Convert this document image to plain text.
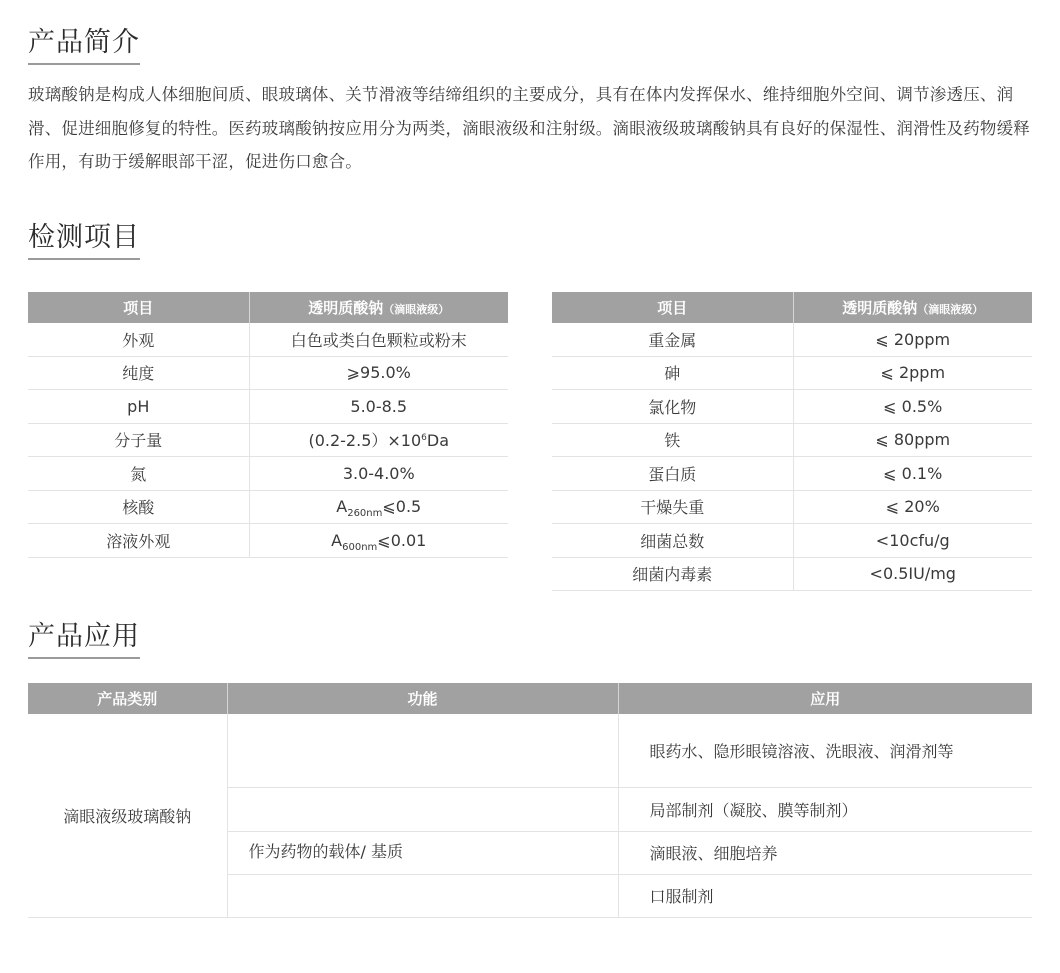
产品简介

玻璃酸钠是构成人体细胞间质、眼玻璃体、关节滑液等结缔组织的主要成分，具有在体内发挥保水、维持细胞外空间、调节渗透压、润滑、促进细胞修复的特性。医药玻璃酸钠按应用分为两类，滴眼液级和注射级。滴眼液级玻璃酸钠具有良好的保湿性、润滑性及药物缓释作用，有助于缓解眼部干涩，促进伤口愈合。

检测项目
项目	透明质酸钠（滴眼液级）
外观	白色或类白色颗粒或粉末
纯度	⩾95.0%
pH	5.0-8.5
分子量	$(0.2-2.5)\times 10^6Da$
氮	3.0-4.0%
核酸	$A_{260nm}⩽0.5$
溶液外观	$A_{600nm}⩽0.01$
项目	透明质酸钠（滴眼液级）
重金属	⩽ 20ppm
砷	⩽ 2ppm
氯化物	⩽ 0.5%
铁	⩽ 80ppm
蛋白质	⩽ 0.1%
干燥失重	⩽ 20%
细菌总数	<10cfu/g
细菌内毒素	<0.5IU/mg
产品应用
产品类别	功能	应用
滴眼液级玻璃酸钠		眼药水、隐形眼镜溶液、洗眼液、润滑剂等
		局部制剂（凝胶、膜等制剂）
	作为药物的载体/ 基质	滴眼液、细胞培养
		口服制剂
